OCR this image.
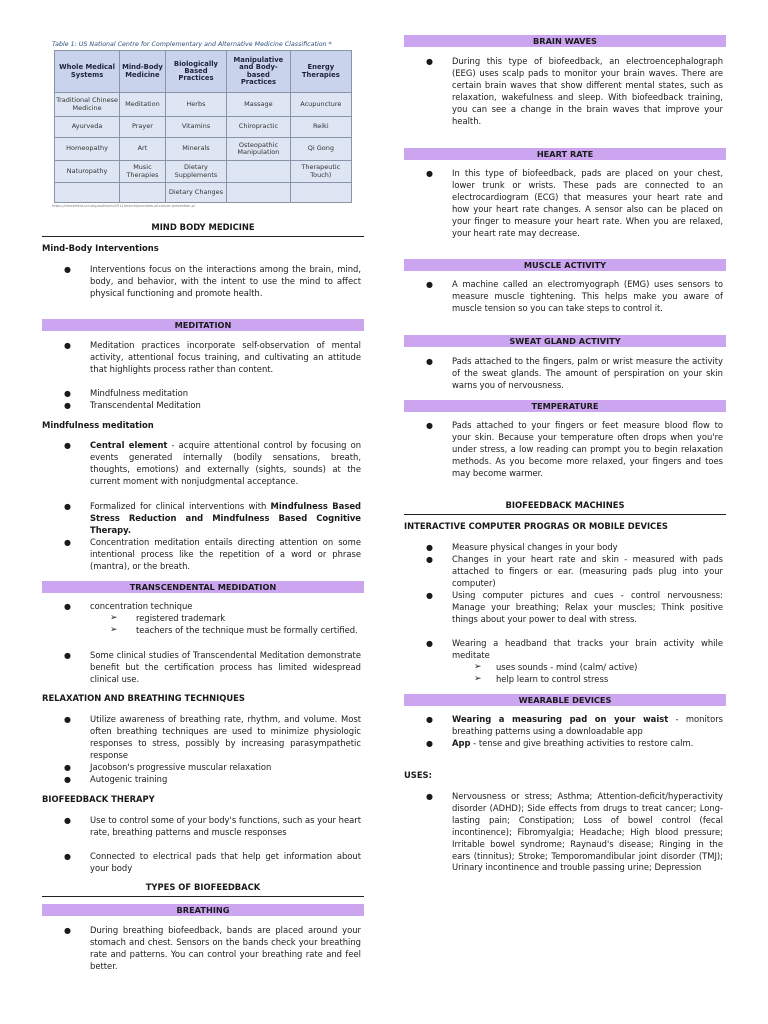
Table 1: US National Centre for Complementary and Alternative Medicine Classification *
Whole Medical Systems	Mind-Body Medicine	Biologically Based Practices	Manipulative and Body-based Practices	Energy Therapies
Traditional Chinese Medicine	Meditation	Herbs	Massage	Acupuncture
Ayurveda	Prayer	Vitamins	Chiropractic	Reiki
Homeopathy	Art	Minerals	Osteopathic Manipulation	Qi Gong
Naturopathy	Music Therapies	Dietary Supplements		Therapeutic Touch)
		Dietary Changes		
https://cancerfirst.uni.org.au/forum/2011/march/overview-of-cancer-prevention.pl
MIND BODY MEDICINE
Mind-Body Interventions
● Interventions focus on the interactions among the brain, mind, body, and behavior, with the intent to use the mind to affect physical functioning and promote health.
MEDITATION
● Meditation practices incorporate self-observation of mental activity, attentional focus training, and cultivating an attitude that highlights process rather than content.
● Mindfulness meditation
● Transcendental Meditation
Mindfulness meditation
● Central element - acquire attentional control by focusing on events generated internally (bodily sensations, breath, thoughts, emotions) and externally (sights, sounds) at the current moment with nonjudgmental acceptance.
● Formalized for clinical interventions with Mindfulness Based Stress Reduction and Mindfulness Based Cognitive Therapy.
● Concentration meditation entails directing attention on some intentional process like the repetition of a word or phrase (mantra), or the breath.
TRANSCENDENTAL MEDIDATION
● concentration technique
➢ registered trademark
➢ teachers of the technique must be formally certified.
● Some clinical studies of Transcendental Meditation demonstrate benefit but the certification process has limited widespread clinical use.
RELAXATION AND BREATHING TECHNIQUES
● Utilize awareness of breathing rate, rhythm, and volume. Most often breathing techniques are used to minimize physiologic responses to stress, possibly by increasing parasympathetic response
● Jacobson's progressive muscular relaxation
● Autogenic training
BIOFEEDBACK THERAPY
● Use to control some of your body's functions, such as your heart rate, breathing patterns and muscle responses
● Connected to electrical pads that help get information about your body
TYPES OF BIOFEEDBACK
BREATHING
● During breathing biofeedback, bands are placed around your stomach and chest. Sensors on the bands check your breathing rate and patterns. You can control your breathing rate and feel better.
BRAIN WAVES
● During this type of biofeedback, an electroencephalograph (EEG) uses scalp pads to monitor your brain waves. There are certain brain waves that show different mental states, such as relaxation, wakefulness and sleep. With biofeedback training, you can see a change in the brain waves that improve your health.
HEART RATE
● In this type of biofeedback, pads are placed on your chest, lower trunk or wrists. These pads are connected to an electrocardiogram (ECG) that measures your heart rate and how your heart rate changes. A sensor also can be placed on your finger to measure your heart rate. When you are relaxed, your heart rate may decrease.
MUSCLE ACTIVITY
● A machine called an electromyograph (EMG) uses sensors to measure muscle tightening. This helps make you aware of muscle tension so you can take steps to control it.
SWEAT GLAND ACTIVITY
● Pads attached to the fingers, palm or wrist measure the activity of the sweat glands. The amount of perspiration on your skin warns you of nervousness.
TEMPERATURE
● Pads attached to your fingers or feet measure blood flow to your skin. Because your temperature often drops when you're under stress, a low reading can prompt you to begin relaxation methods. As you become more relaxed, your fingers and toes may become warmer.
BIOFEEDBACK MACHINES
INTERACTIVE COMPUTER PROGRAS OR MOBILE DEVICES
● Measure physical changes in your body
● Changes in your heart rate and skin - measured with pads attached to fingers or ear. (measuring pads plug into your computer)
● Using computer pictures and cues - control nervousness: Manage your breathing; Relax your muscles; Think positive things about your power to deal with stress.
● Wearing a headband that tracks your brain activity while meditate
➢ uses sounds - mind (calm/ active)
➢ help learn to control stress
WEARABLE DEVICES
● Wearing a measuring pad on your waist - monitors breathing patterns using a downloadable app
● App - tense and give breathing activities to restore calm.
USES:
● Nervousness or stress; Asthma; Attention-deficit/hyperactivity disorder (ADHD); Side effects from drugs to treat cancer; Long-lasting pain; Constipation; Loss of bowel control (fecal incontinence); Fibromyalgia; Headache; High blood pressure; Irritable bowel syndrome; Raynaud's disease; Ringing in the ears (tinnitus); Stroke; Temporomandibular joint disorder (TMJ); Urinary incontinence and trouble passing urine; Depression
